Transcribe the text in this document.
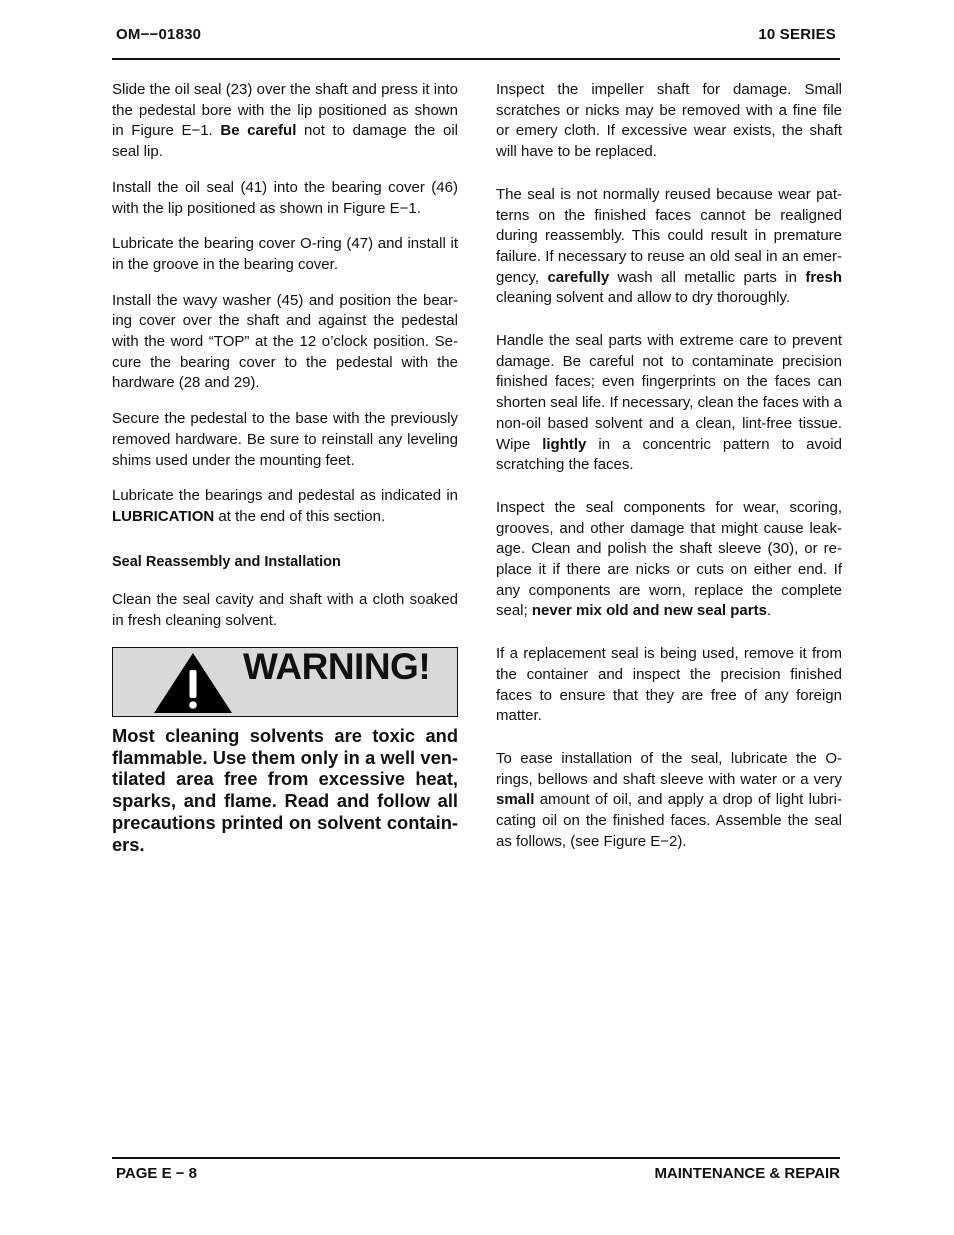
OM−−01830	10 SERIES

Slide the oil seal (23) over the shaft and press it into the pedestal bore with the lip positioned as shown in Figure E−1. Be careful not to damage the oil seal lip.

Install the oil seal (41) into the bearing cover (46) with the lip positioned as shown in Figure E−1.

Lubricate the bearing cover O-ring (47) and install it in the groove in the bearing cover.

Install the wavy washer (45) and position the bearing cover over the shaft and against the pedestal with the word “TOP” at the 12 o’clock position. Secure the bearing cover to the pedestal with the hardware (28 and 29).

Secure the pedestal to the base with the previously removed hardware. Be sure to reinstall any leveling shims used under the mounting feet.

Lubricate the bearings and pedestal as indicated in LUBRICATION at the end of this section.

Seal Reassembly and Installation

Clean the seal cavity and shaft with a cloth soaked in fresh cleaning solvent.

WARNING!
Most cleaning solvents are toxic and flammable. Use them only in a well ventilated area free from excessive heat, sparks, and flame. Read and follow all precautions printed on solvent containers.

Inspect the impeller shaft for damage. Small scratches or nicks may be removed with a fine file or emery cloth. If excessive wear exists, the shaft will have to be replaced.

The seal is not normally reused because wear patterns on the finished faces cannot be realigned during reassembly. This could result in premature failure. If necessary to reuse an old seal in an emergency, carefully wash all metallic parts in fresh cleaning solvent and allow to dry thoroughly.

Handle the seal parts with extreme care to prevent damage. Be careful not to contaminate precision finished faces; even fingerprints on the faces can shorten seal life. If necessary, clean the faces with a non-oil based solvent and a clean, lint-free tissue. Wipe lightly in a concentric pattern to avoid scratching the faces.

Inspect the seal components for wear, scoring, grooves, and other damage that might cause leakage. Clean and polish the shaft sleeve (30), or replace it if there are nicks or cuts on either end. If any components are worn, replace the complete seal; never mix old and new seal parts.

If a replacement seal is being used, remove it from the container and inspect the precision finished faces to ensure that they are free of any foreign matter.

To ease installation of the seal, lubricate the O-rings, bellows and shaft sleeve with water or a very small amount of oil, and apply a drop of light lubricating oil on the finished faces. Assemble the seal as follows, (see Figure E−2).

PAGE E − 8	MAINTENANCE & REPAIR
